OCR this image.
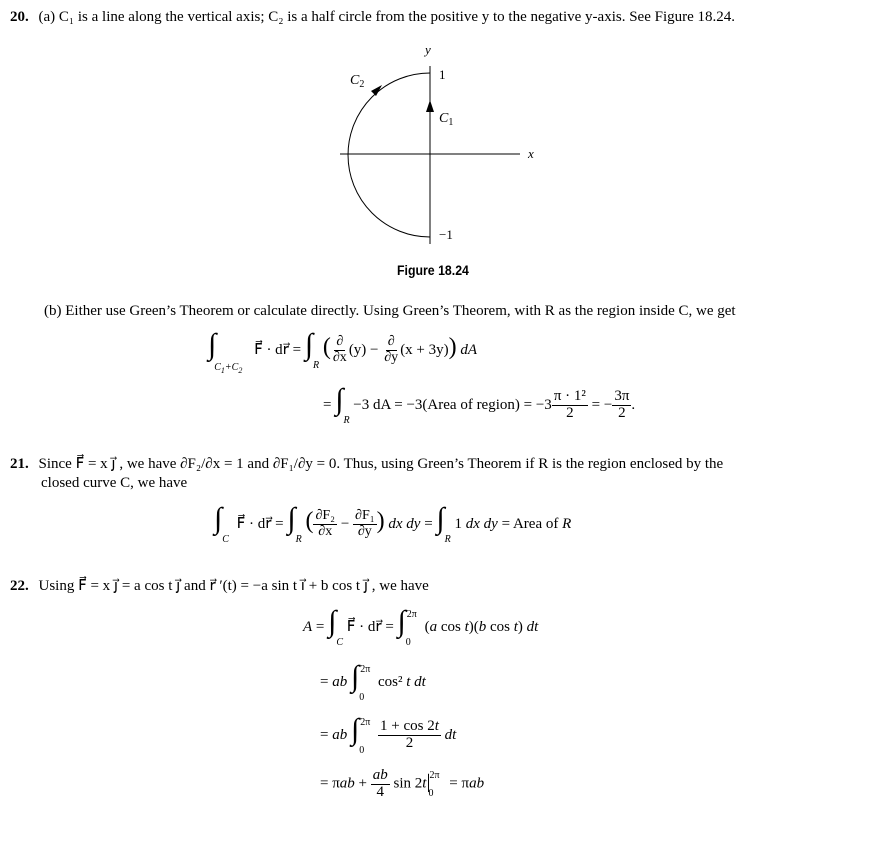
20. (a) C₁ is a line along the vertical axis; C₂ is a half circle from the positive y to the negative y-axis. See Figure 18.24.
y
x
1
−1
$C_1$
$C_2$
Figure 18.24
(b) Either use Green’s Theorem or calculate directly. Using Green’s Theorem, with R as the region inside C, we get
$\int_{C_1+C_2}$ F⃗ · dr⃗ = $\int_R$ ( $\frac{\partial}{\partial x} (y) - \frac{\partial}{\partial y} (x + 3y)$) dA
= $\int_R -3$ dA = −3(Area of region) = $-3 \frac{\text{π · 1²}}{2}$ = − $\frac{3\pi}{2}$ .
21. Since F⃗ = x j⃗ , we have ∂F₂/∂x = 1 and ∂F₁/∂y = 0. Thus, using Green’s Theorem if R is the region enclosed by the
closed curve C, we have
$\int_C$ F⃗ · dr⃗ = $\int_R$ ( $\frac{\text{∂F₂}}{\partial x} - \frac{\text{∂F₁}}{\partial y}$ ) dx dy = $\int_R$ 1 dx dy = Area of R
22. Using F⃗ = x j⃗ = a cos t j⃗ and r⃗ ′(t) = −a sin t i⃗ + b cos t j⃗ , we have
$A = \int_C$ F⃗ · dr⃗ = $\int_0^{2\pi}$ (a cos t)(b cos t) dt
= ab $\int_0^{2\pi}$ cos² t dt
= ab $\int_0^{2\pi} \frac{1 + \cos 2t}{2}$ dt
= $\pi ab + \frac{ab}{4}$ $\sin 2t|_0^{2\pi} = \pi ab$
